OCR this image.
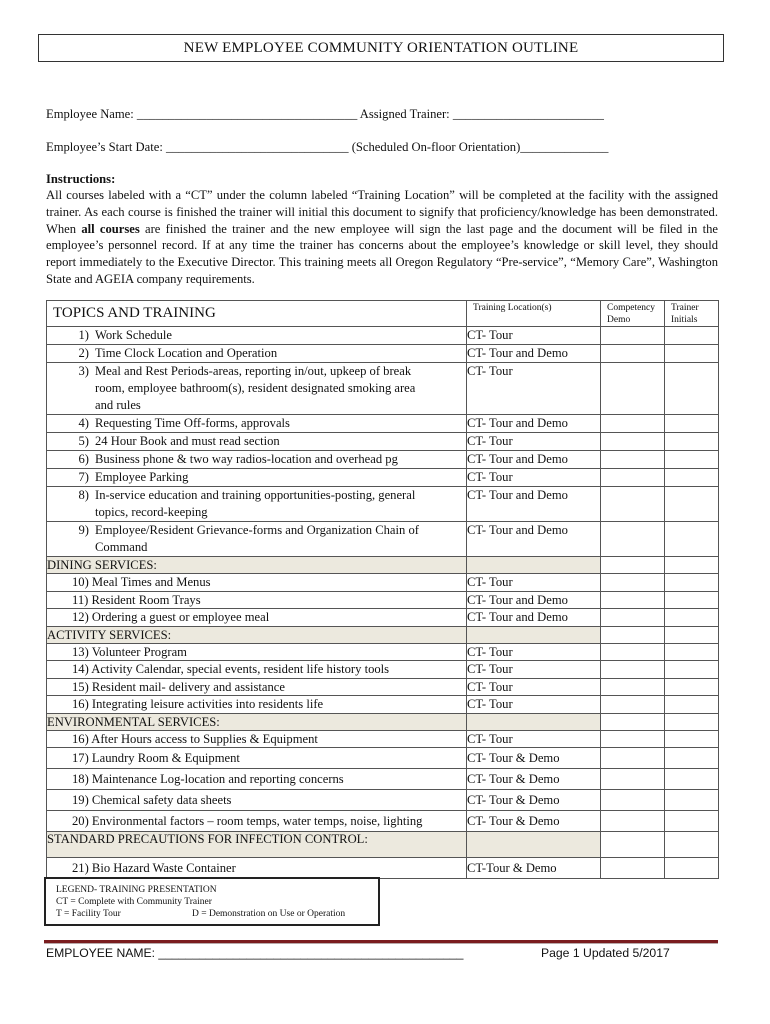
NEW EMPLOYEE COMMUNITY ORIENTATION OUTLINE
Employee Name: ___________________________________ Assigned Trainer: ________________________
Employee’s Start Date: _____________________________ (Scheduled On-floor Orientation)______________
Instructions:
All courses labeled with a “CT” under the column labeled “Training Location” will be completed at the facility with the assigned trainer. As each course is finished the trainer will initial this document to signify that proficiency/knowledge has been demonstrated. When all courses are finished the trainer and the new employee will sign the last page and the document will be filed in the employee’s personnel record. If at any time the trainer has concerns about the employee’s knowledge or skill level, they should report immediately to the Executive Director. This training meets all Oregon Regulatory “Pre-service”, “Memory Care”, Washington State and AGEIA company requirements.
TOPICS AND TRAINING	Training Location(s)	Competency Demo	Trainer Initials
1) Work Schedule	CT- Tour		

2) Time Clock Location and Operation	CT- Tour and Demo		

3) Meal and Rest Periods-areas, reporting in/out, upkeep of break
room, employee bathroom(s), resident designated smoking area
and rules	CT- Tour		

4) Requesting Time Off-forms, approvals	CT- Tour and Demo		

5) 24 Hour Book and must read section	CT- Tour		

6) Business phone & two way radios-location and overhead pg	CT- Tour and Demo		

7) Employee Parking	CT- Tour		

8) In-service education and training opportunities-posting, general
topics, record-keeping	CT- Tour and Demo		

9) Employee/Resident Grievance-forms and Organization Chain of
Command	CT- Tour and Demo		

DINING SERVICES:			

10) Meal Times and Menus	CT- Tour		

11) Resident Room Trays	CT- Tour and Demo		

12) Ordering a guest or employee meal	CT- Tour and Demo		
ACTIVITY SERVICES:			

13) Volunteer Program	CT- Tour		

14) Activity Calendar, special events, resident life history tools	CT- Tour		

15) Resident mail- delivery and assistance	CT- Tour		

16) Integrating leisure activities into residents life	CT- Tour		
ENVIRONMENTAL SERVICES:			

16) After Hours access to Supplies & Equipment	CT- Tour		

17) Laundry Room & Equipment	CT- Tour & Demo		

18) Maintenance Log-location and reporting concerns	CT- Tour & Demo		

19) Chemical safety data sheets	CT- Tour & Demo		

20) Environmental factors – room temps, water temps, noise, lighting	CT- Tour & Demo		
STANDARD PRECAUTIONS FOR INFECTION CONTROL:			

21) Bio Hazard Waste Container	CT-Tour & Demo		
LEGEND- TRAINING PRESENTATION
CT = Complete with Community Trainer
T = Facility Tour	D = Demonstration on Use or Operation
EMPLOYEE NAME: _____________________________________________	Page 1 Updated 5/2017
